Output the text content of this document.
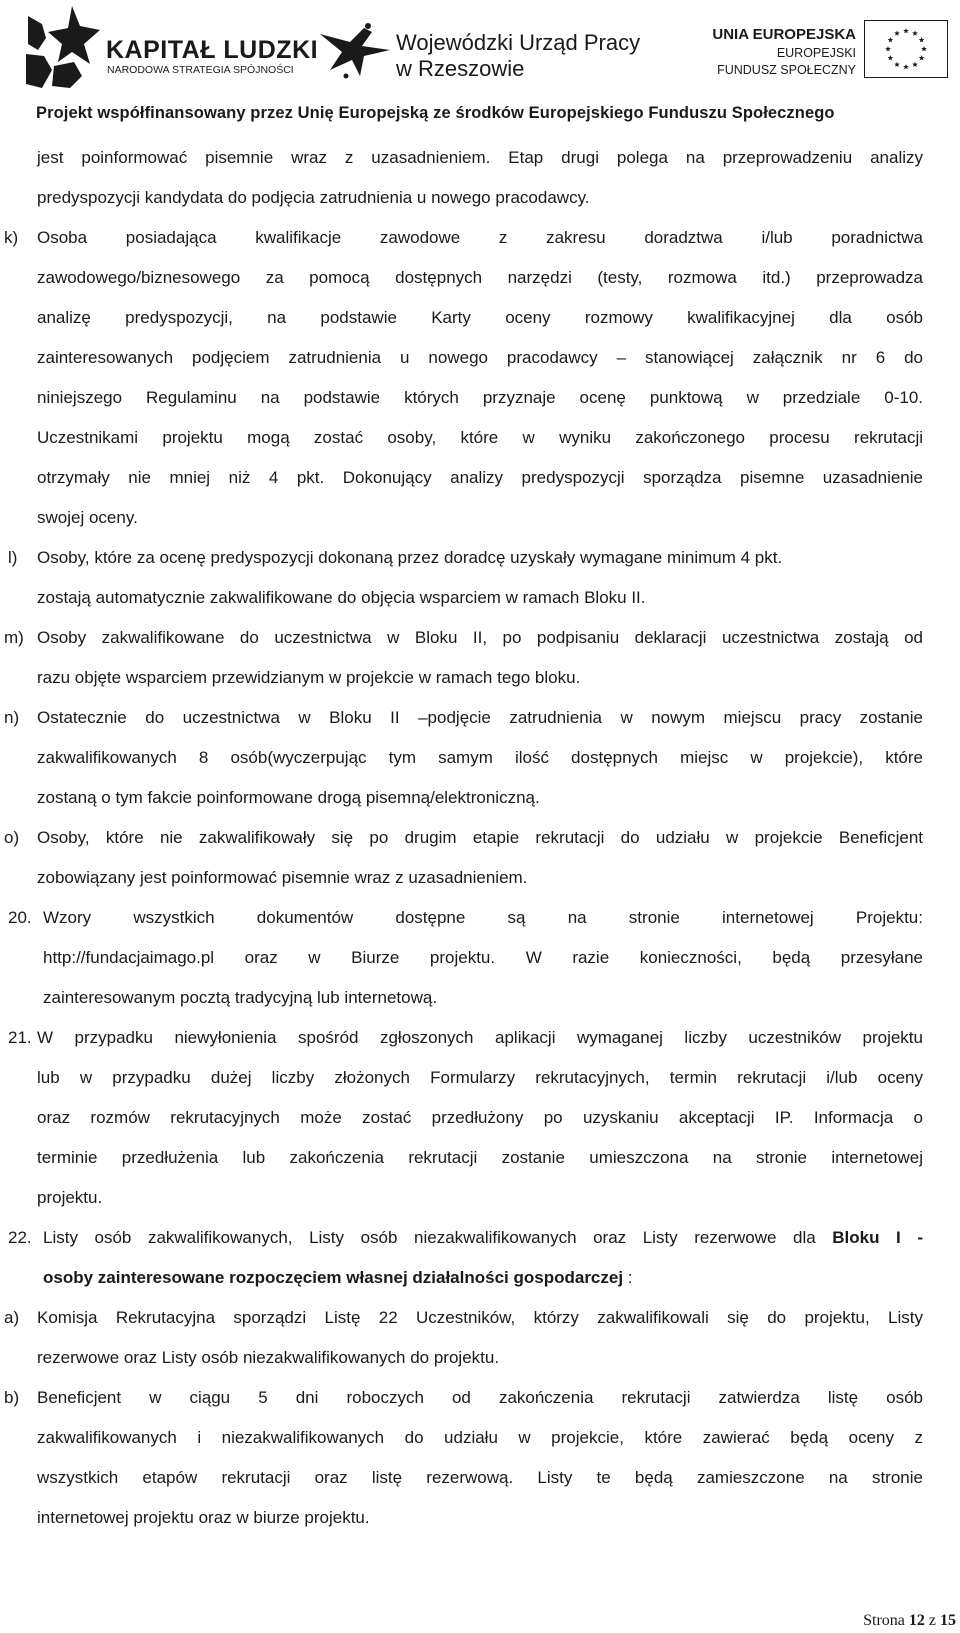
KAPITAŁ LUDZKI
NARODOWA STRATEGIA SPÓJNOŚCI
Wojewódzki Urząd Pracy
w Rzeszowie
UNIA EUROPEJSKA
EUROPEJSKI
FUNDUSZ SPOŁECZNY
Projekt współfinansowany przez Unię Europejską ze środków Europejskiego Funduszu Społecznego
jest poinformować pisemnie wraz z uzasadnieniem. Etap drugi polega na przeprowadzeniu analizy
predyspozycji kandydata do podjęcia zatrudnienia u nowego pracodawcy.
k) Osoba posiadająca kwalifikacje zawodowe z zakresu doradztwa i/lub poradnictwa
zawodowego/biznesowego za pomocą dostępnych narzędzi (testy, rozmowa itd.) przeprowadza
analizę predyspozycji, na podstawie Karty oceny rozmowy kwalifikacyjnej dla osób
zainteresowanych podjęciem zatrudnienia u nowego pracodawcy – stanowiącej załącznik nr 6 do
niniejszego Regulaminu na podstawie których przyznaje ocenę punktową w przedziale 0-10.
Uczestnikami projektu mogą zostać osoby, które w wyniku zakończonego procesu rekrutacji
otrzymały nie mniej niż 4 pkt. Dokonujący analizy predyspozycji sporządza pisemne uzasadnienie
swojej oceny.
l) Osoby, które za ocenę predyspozycji dokonaną przez doradcę uzyskały wymagane minimum 4 pkt.
zostają automatycznie zakwalifikowane do objęcia wsparciem w ramach Bloku II.
m) Osoby zakwalifikowane do uczestnictwa w Bloku II, po podpisaniu deklaracji uczestnictwa zostają od
razu objęte wsparciem przewidzianym w projekcie w ramach tego bloku.
n) Ostatecznie do uczestnictwa w Bloku II –podjęcie zatrudnienia w nowym miejscu pracy zostanie
zakwalifikowanych 8 osób(wyczerpując tym samym ilość dostępnych miejsc w projekcie), które
zostaną o tym fakcie poinformowane drogą pisemną/elektroniczną.
o) Osoby, które nie zakwalifikowały się po drugim etapie rekrutacji do udziału w projekcie Beneficjent
zobowiązany jest poinformować pisemnie wraz z uzasadnieniem.
20. Wzory wszystkich dokumentów dostępne są na stronie internetowej Projektu:
http://fundacjaimago.pl oraz w Biurze projektu. W razie konieczności, będą przesyłane
zainteresowanym pocztą tradycyjną lub internetową.
21. W przypadku niewyłonienia spośród zgłoszonych aplikacji wymaganej liczby uczestników projektu
lub w przypadku dużej liczby złożonych Formularzy rekrutacyjnych, termin rekrutacji i/lub oceny
oraz rozmów rekrutacyjnych może zostać przedłużony po uzyskaniu akceptacji IP. Informacja o
terminie przedłużenia lub zakończenia rekrutacji zostanie umieszczona na stronie internetowej
projektu.
22. Listy osób zakwalifikowanych, Listy osób niezakwalifikowanych oraz Listy rezerwowe dla Bloku I -
osoby zainteresowane rozpoczęciem własnej działalności gospodarczej :
a) Komisja Rekrutacyjna sporządzi Listę 22 Uczestników, którzy zakwalifikowali się do projektu, Listy
rezerwowe oraz Listy osób niezakwalifikowanych do projektu.
b) Beneficjent w ciągu 5 dni roboczych od zakończenia rekrutacji zatwierdza listę osób
zakwalifikowanych i niezakwalifikowanych do udziału w projekcie, które zawierać będą oceny z
wszystkich etapów rekrutacji oraz listę rezerwową. Listy te będą zamieszczone na stronie
internetowej projektu oraz w biurze projektu.
Strona 12 z 15
